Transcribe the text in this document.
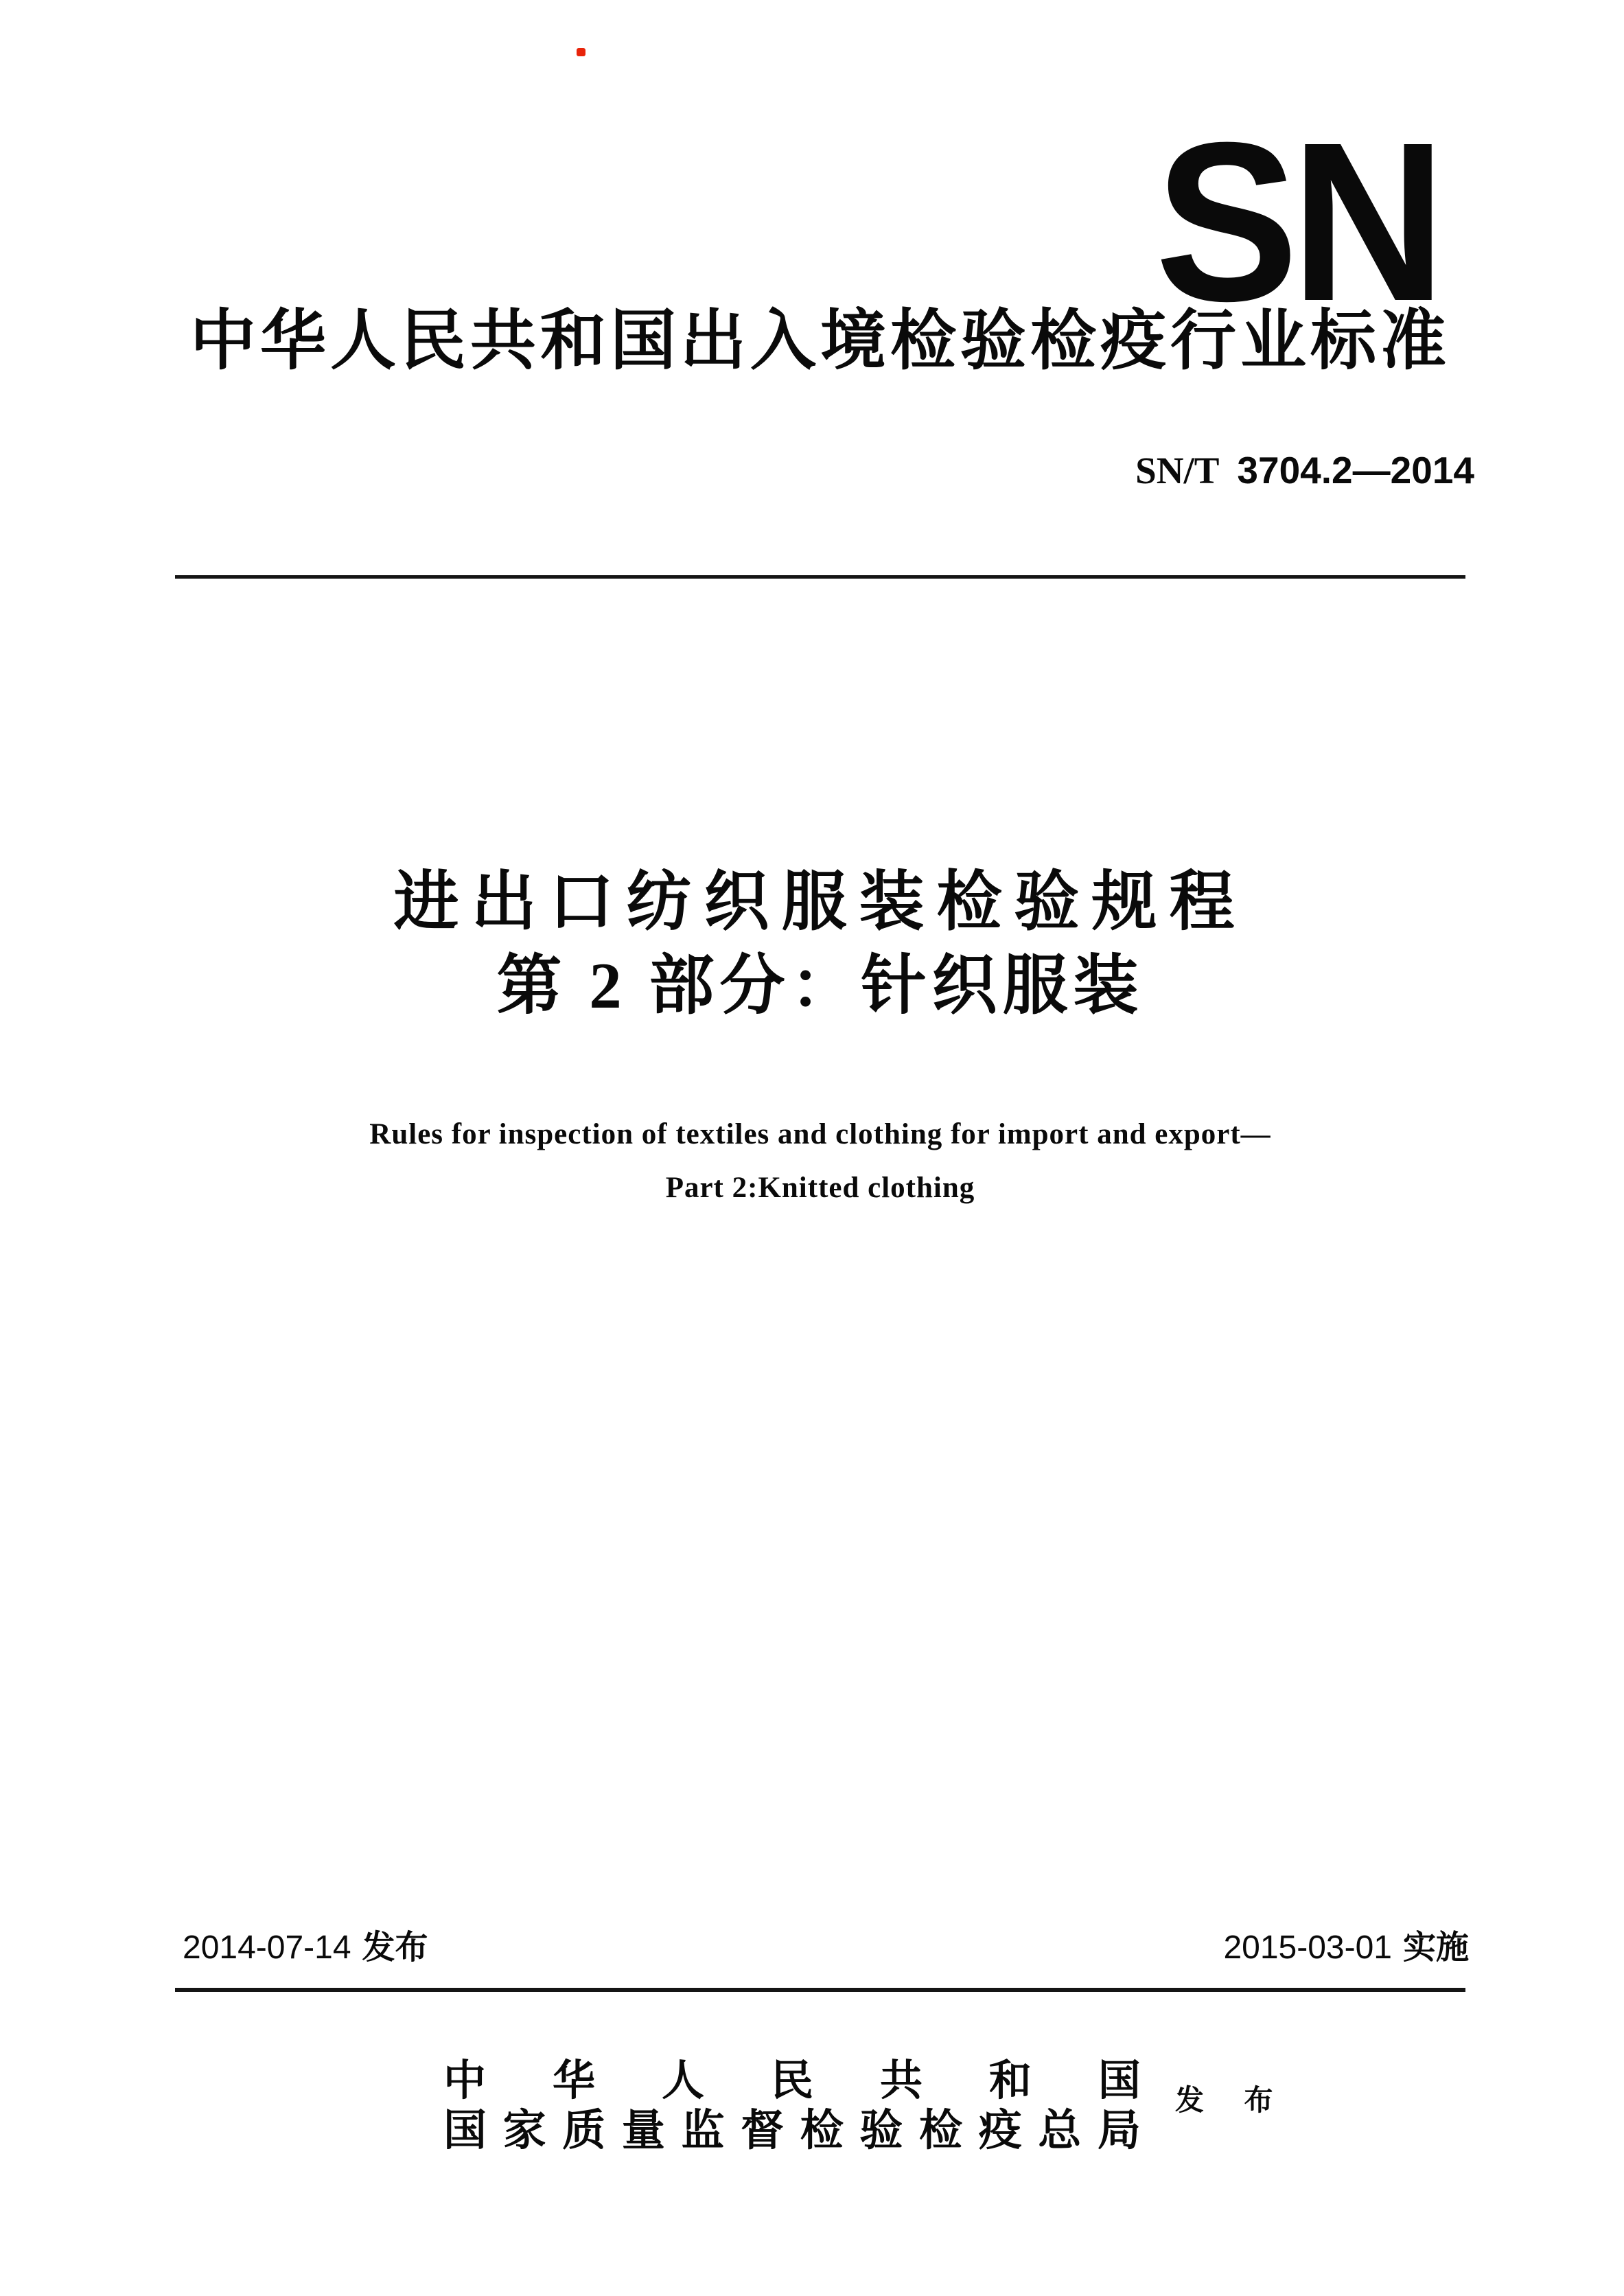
SN
中华人民共和国出入境检验检疫行业标准
SN/T 3704.2—2014
进出口纺织服装检验规程
第 2 部分：针织服装
Rules for inspection of textiles and clothing for import and export—
Part 2:Knitted clothing
2014-07-14 发布	2015-03-01 实施
中 华 人 民 共 和 国
国 家 质 量 监 督 检 验 检 疫 总 局
发 布
